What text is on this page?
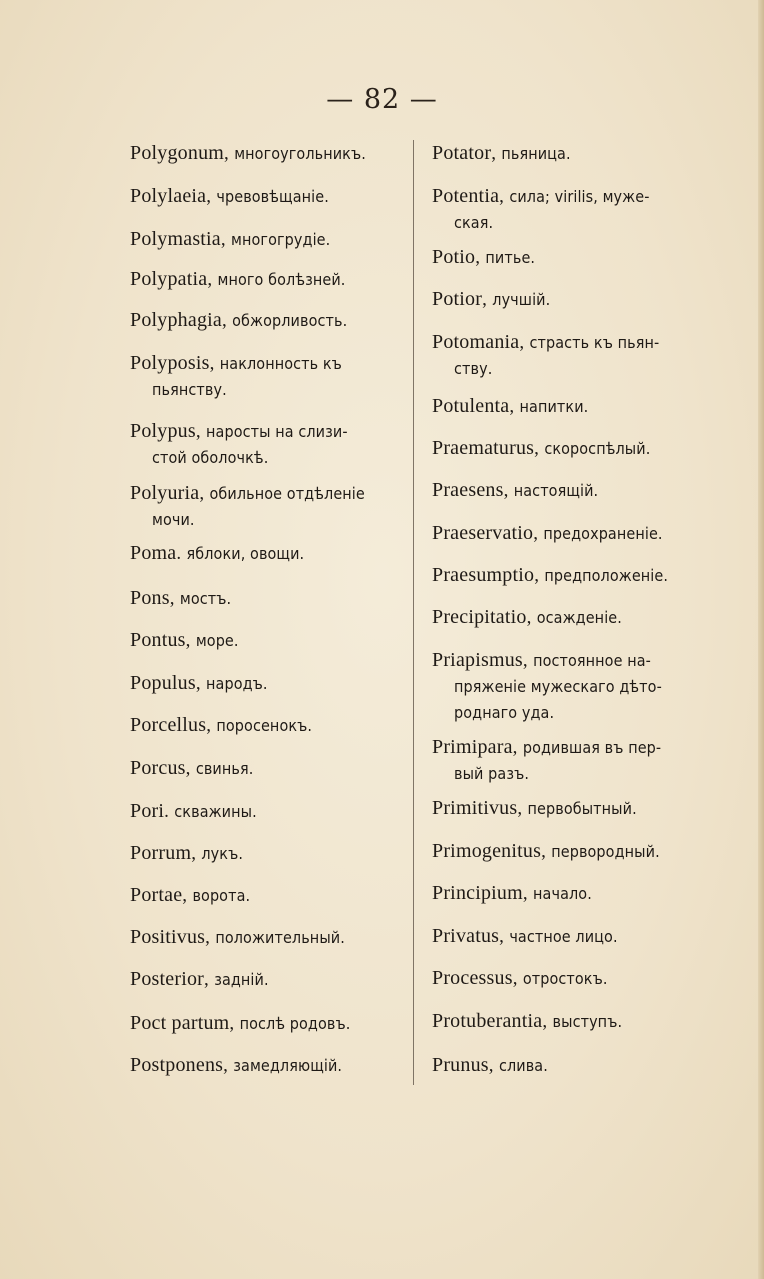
— 82 —
Polygonum, многоугольникъ.
Polylaeia, чревовѣщаніе.
Polymastia, многогрудіе.
Polypatia, много болѣзней.
Polyphagia, обжорливость.
Polyposis, наклонность къ
пьянству.
Polypus, наросты на слизи-
стой оболочкѣ.
Polyuria, обильное отдѣленіе
мочи.
Poma. яблоки, овощи.
Pons, мостъ.
Pontus, море.
Populus, народъ.
Porcellus, поросенокъ.
Porcus, свинья.
Pori. скважины.
Porrum, лукъ.
Portae, ворота.
Positivus, положительный.
Posterior, задній.
Poct partum, послѣ родовъ.
Postponens, замедляющій.
Potator, пьяница.
Potentia, сила; virilis, муже-
ская.
Potio, питье.
Potior, лучшій.
Potomania, страсть къ пьян-
ству.
Potulenta, напитки.
Praematurus, скороспѣлый.
Praesens, настоящій.
Praeservatio, предохраненіе.
Praesumptio, предположеніе.
Precipitatio, осажденіе.
Priapismus, постоянное на-
пряженіе мужескаго дѣто-
роднаго уда.
Primipara, родившая въ пер-
вый разъ.
Primitivus, первобытный.
Primogenitus, первородный.
Principium, начало.
Privatus, частное лицо.
Processus, отростокъ.
Protuberantia, выступъ.
Prunus, слива.
